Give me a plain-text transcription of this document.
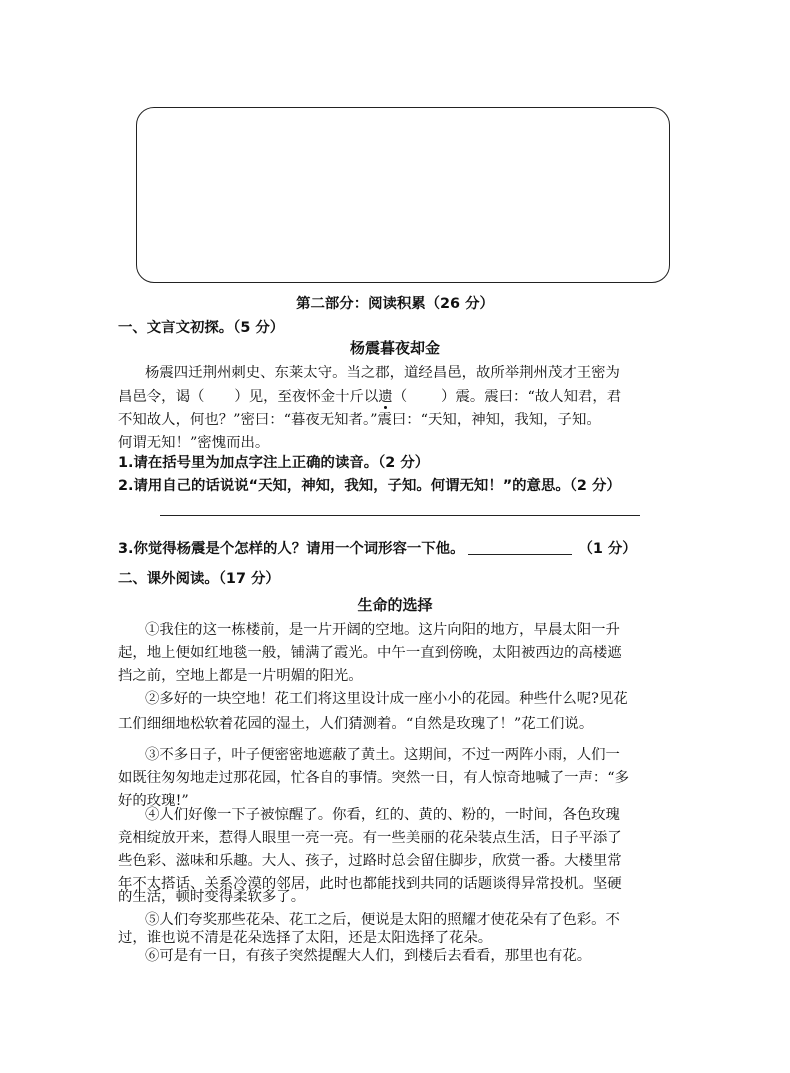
第二部分：阅读积累（26 分）
一、文言文初探。（5 分）
杨震暮夜却金
杨震四迁荆州刺史、东莱太守。当之郡，道经昌邑，故所举荆州茂才王密为
昌邑令，谒（ ）见，至夜怀金十斤以遗（ ）震。震曰：“故人知君，君
不知故人，何也？”密曰：“暮夜无知者。”震曰：“天知，神知，我知，子知。
何谓无知！”密愧而出。
1.请在括号里为加点字注上正确的读音。（2 分）
2.请用自己的话说说“天知，神知，我知，子知。何谓无知！”的意思。（2 分）
3.你觉得杨震是个怎样的人？请用一个词形容一下他。	（1 分）
二、课外阅读。（17 分）
生命的选择
①我住的这一栋楼前，是一片开阔的空地。这片向阳的地方，早晨太阳一升
起，地上便如红地毯一般，铺满了霞光。中午一直到傍晚，太阳被西边的高楼遮
挡之前，空地上都是一片明媚的阳光。
②多好的一块空地！花工们将这里设计成一座小小的花园。种些什么呢?见花
工们细细地松软着花园的湿土，人们猜测着。“自然是玫瑰了！”花工们说。
③不多日子，叶子便密密地遮蔽了黄土。这期间，不过一两阵小雨，人们一
如既往匆匆地走过那花园，忙各自的事情。突然一日，有人惊奇地喊了一声：“多
好的玫瑰!”
④人们好像一下子被惊醒了。你看，红的、黄的、粉的，一时间，各色玫瑰
竞相绽放开来，惹得人眼里一亮一亮。有一些美丽的花朵装点生活，日子平添了
些色彩、滋味和乐趣。大人、孩子，过路时总会留住脚步，欣赏一番。大楼里常
年不太搭话、关系冷漠的邻居，此时也都能找到共同的话题谈得异常投机。坚硬
的生活，顿时变得柔软多了。
⑤人们夸奖那些花朵、花工之后，便说是太阳的照耀才使花朵有了色彩。不
过，谁也说不清是花朵选择了太阳，还是太阳选择了花朵。
⑥可是有一日，有孩子突然提醒大人们，到楼后去看看，那里也有花。
